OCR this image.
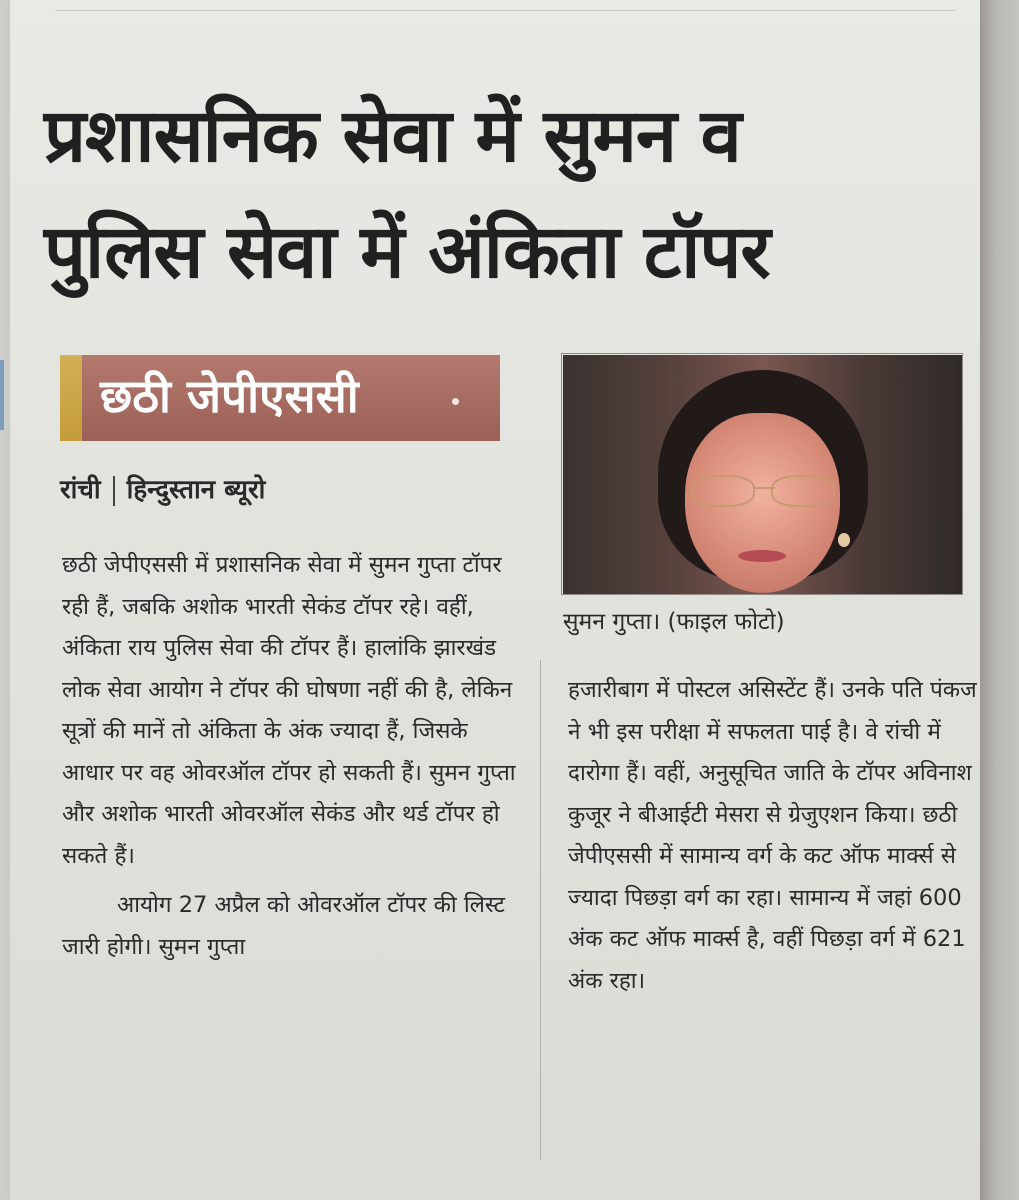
प्रशासनिक सेवा में सुमन व
पुलिस सेवा में अंकिता टॉपर
छठी जेपीएससी
रांची हिन्दुस्तान ब्यूरो

छठी जेपीएससी में प्रशासनिक सेवा में सुमन गुप्ता टॉपर रही हैं, जबकि अशोक भारती सेकंड टॉपर रहे। वहीं, अंकिता राय पुलिस सेवा की टॉपर हैं। हालांकि झारखंड लोक सेवा आयोग ने टॉपर की घोषणा नहीं की है, लेकिन सूत्रों की मानें तो अंकिता के अंक ज्यादा हैं, जिसके आधार पर वह ओवरऑल टॉपर हो सकती हैं। सुमन गुप्ता और अशोक भारती ओवरऑल सेकंड और थर्ड टॉपर हो सकते हैं।

आयोग 27 अप्रैल को ओवरऑल टॉपर की लिस्ट जारी होगी। सुमन गुप्ता

सुमन गुप्ता। (फाइल फोटो)

हजारीबाग में पोस्टल असिस्टेंट हैं। उनके पति पंकज ने भी इस परीक्षा में सफलता पाई है। वे रांची में दारोगा हैं। वहीं, अनुसूचित जाति के टॉपर अविनाश कुजूर ने बीआईटी मेसरा से ग्रेजुएशन किया। छठी जेपीएससी में सामान्य वर्ग के कट ऑफ मार्क्स से ज्यादा पिछड़ा वर्ग का रहा। सामान्य में जहां 600 अंक कट ऑफ मार्क्स है, वहीं पिछड़ा वर्ग में 621 अंक रहा।
